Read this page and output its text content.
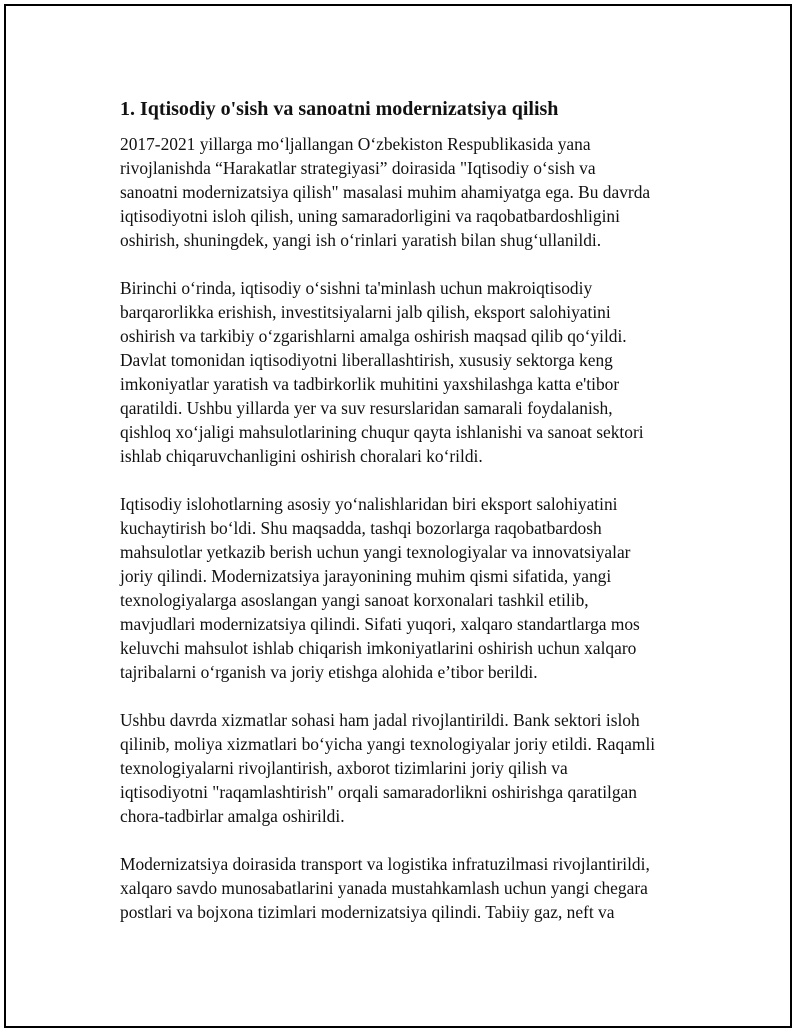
1. Iqtisodiy o'sish va sanoatni modernizatsiya qilish

2017-2021 yillarga mo‘ljallangan O‘zbekiston Respublikasida yana
rivojlanishda “Harakatlar strategiyasi” doirasida "Iqtisodiy o‘sish va
sanoatni modernizatsiya qilish" masalasi muhim ahamiyatga ega. Bu davrda
iqtisodiyotni isloh qilish, uning samaradorligini va raqobatbardoshligini
oshirish, shuningdek, yangi ish o‘rinlari yaratish bilan shug‘ullanildi.

Birinchi o‘rinda, iqtisodiy o‘sishni ta'minlash uchun makroiqtisodiy
barqarorlikka erishish, investitsiyalarni jalb qilish, eksport salohiyatini
oshirish va tarkibiy o‘zgarishlarni amalga oshirish maqsad qilib qo‘yildi.
Davlat tomonidan iqtisodiyotni liberallashtirish, xususiy sektorga keng
imkoniyatlar yaratish va tadbirkorlik muhitini yaxshilashga katta e'tibor
qaratildi. Ushbu yillarda yer va suv resurslaridan samarali foydalanish,
qishloq xo‘jaligi mahsulotlarining chuqur qayta ishlanishi va sanoat sektori
ishlab chiqaruvchanligini oshirish choralari ko‘rildi.

Iqtisodiy islohotlarning asosiy yo‘nalishlaridan biri eksport salohiyatini
kuchaytirish bo‘ldi. Shu maqsadda, tashqi bozorlarga raqobatbardosh
mahsulotlar yetkazib berish uchun yangi texnologiyalar va innovatsiyalar
joriy qilindi. Modernizatsiya jarayonining muhim qismi sifatida, yangi
texnologiyalarga asoslangan yangi sanoat korxonalari tashkil etilib,
mavjudlari modernizatsiya qilindi. Sifati yuqori, xalqaro standartlarga mos
keluvchi mahsulot ishlab chiqarish imkoniyatlarini oshirish uchun xalqaro
tajribalarni o‘rganish va joriy etishga alohida e’tibor berildi.

Ushbu davrda xizmatlar sohasi ham jadal rivojlantirildi. Bank sektori isloh
qilinib, moliya xizmatlari bo‘yicha yangi texnologiyalar joriy etildi. Raqamli
texnologiyalarni rivojlantirish, axborot tizimlarini joriy qilish va
iqtisodiyotni "raqamlashtirish" orqali samaradorlikni oshirishga qaratilgan
chora-tadbirlar amalga oshirildi.

Modernizatsiya doirasida transport va logistika infratuzilmasi rivojlantirildi,
xalqaro savdo munosabatlarini yanada mustahkamlash uchun yangi chegara
postlari va bojxona tizimlari modernizatsiya qilindi. Tabiiy gaz, neft va
